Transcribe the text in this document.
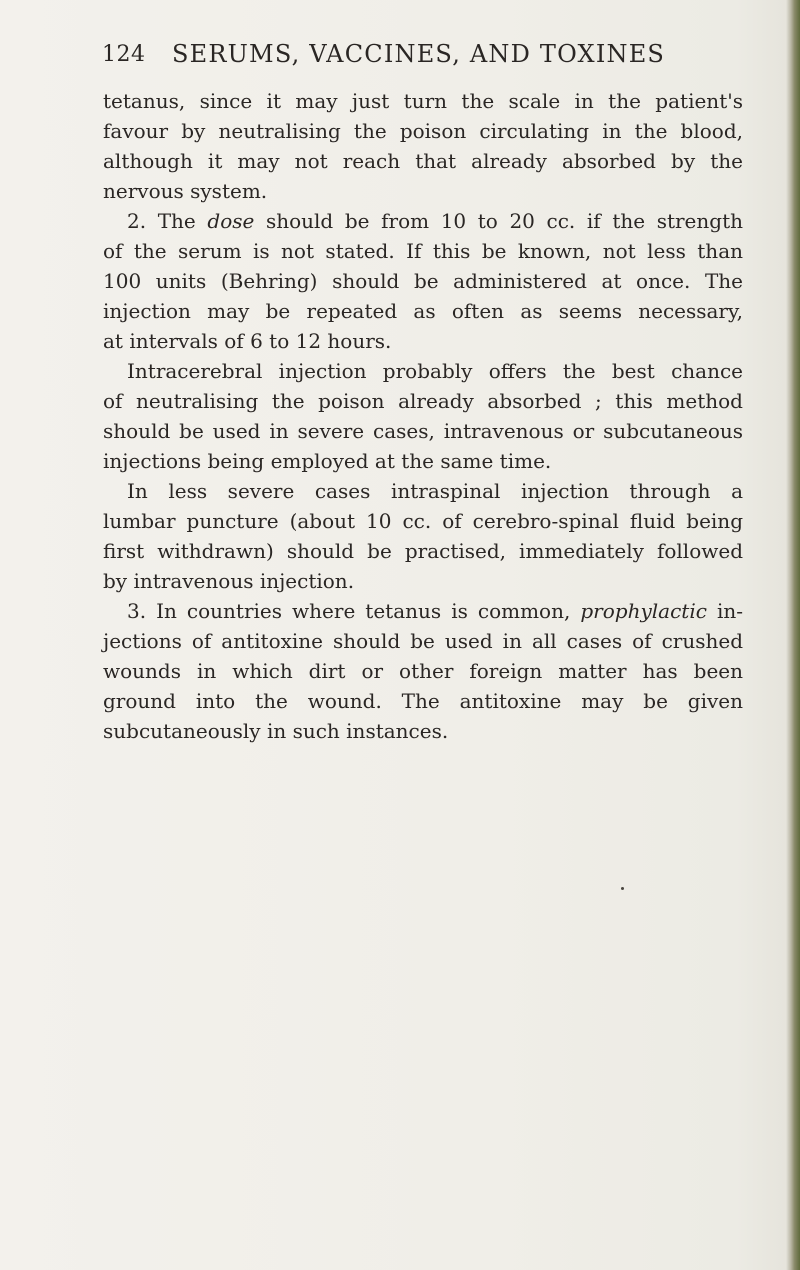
124 SERUMS, VACCINES, AND TOXINES
tetanus, since it may just turn the scale in the patient's
favour by neutralising the poison circulating in the blood,
although it may not reach that already absorbed by the
nervous system.
2. The dose should be from 10 to 20 cc. if the strength
of the serum is not stated. If this be known, not less than
100 units (Behring) should be administered at once. The
injection may be repeated as often as seems necessary,
at intervals of 6 to 12 hours.
Intracerebral injection probably offers the best chance
of neutralising the poison already absorbed ; this method
should be used in severe cases, intravenous or subcutaneous
injections being employed at the same time.
In less severe cases intraspinal injection through a
lumbar puncture (about 10 cc. of cerebro-spinal fluid being
first withdrawn) should be practised, immediately followed
by intravenous injection.
3. In countries where tetanus is common, prophylactic in-
jections of antitoxine should be used in all cases of crushed
wounds in which dirt or other foreign matter has been
ground into the wound. The antitoxine may be given
subcutaneously in such instances.
